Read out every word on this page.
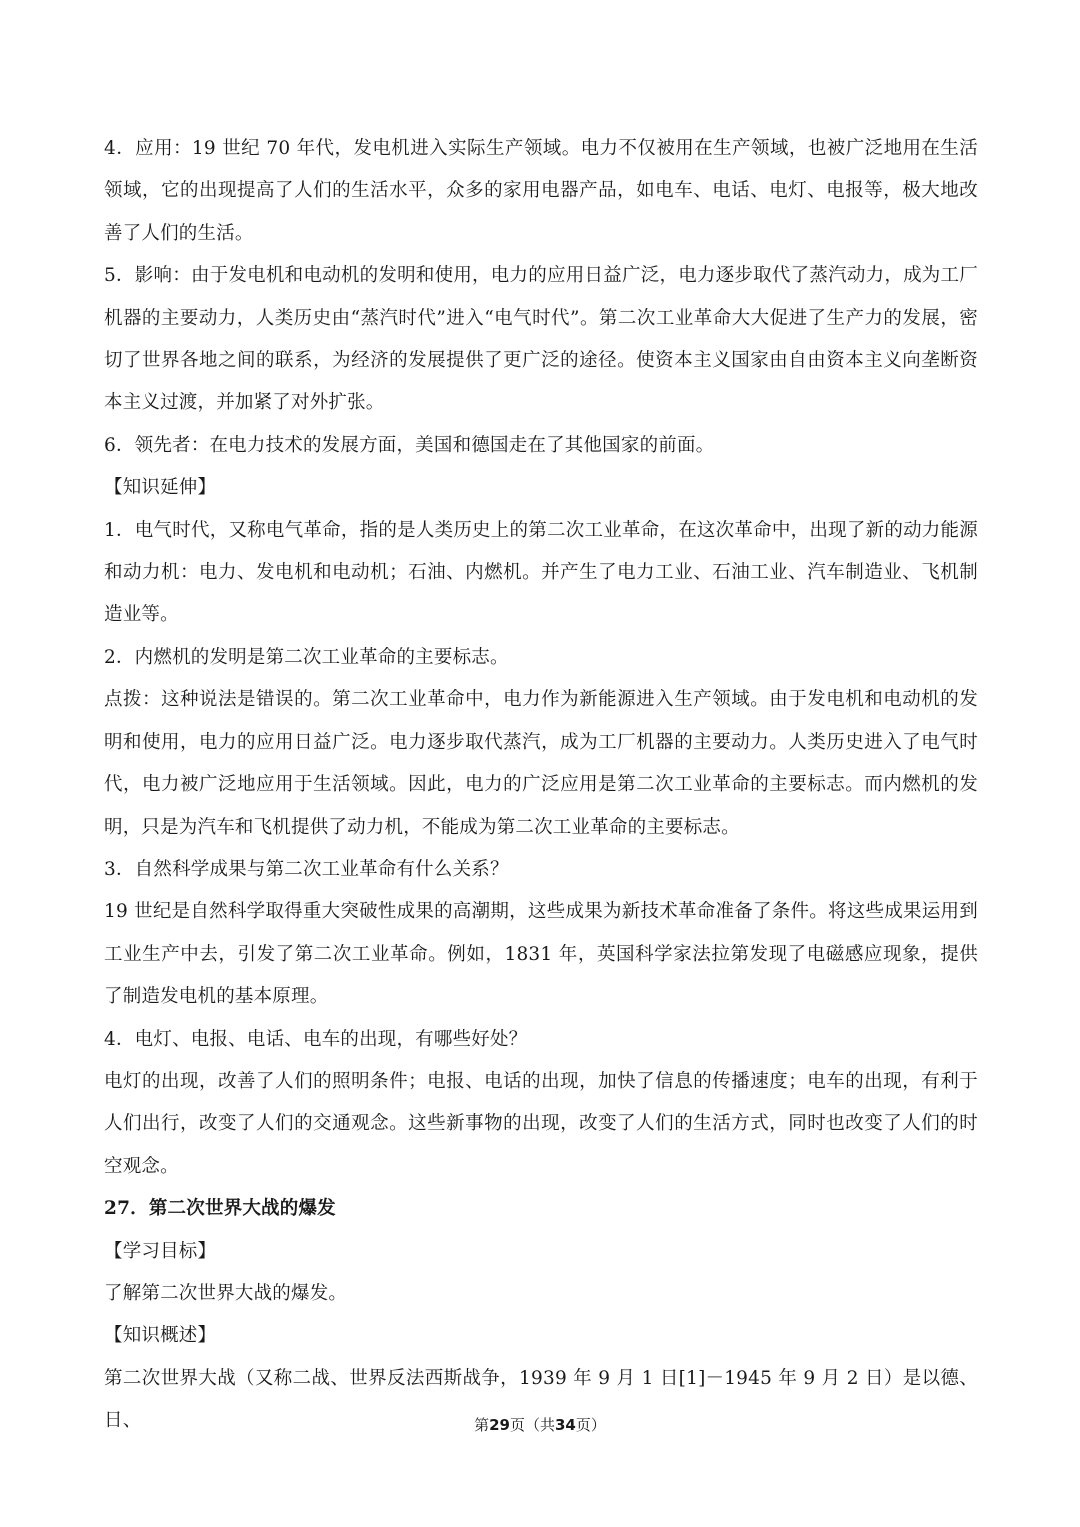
4．应用：19 世纪 70 年代，发电机进入实际生产领域。电力不仅被用在生产领域，也被广泛地用在生活领域，它的出现提高了人们的生活水平，众多的家用电器产品，如电车、电话、电灯、电报等，极大地改善了人们的生活。

5．影响：由于发电机和电动机的发明和使用，电力的应用日益广泛，电力逐步取代了蒸汽动力，成为工厂机器的主要动力，人类历史由“蒸汽时代”进入“电气时代”。第二次工业革命大大促进了生产力的发展，密切了世界各地之间的联系，为经济的发展提供了更广泛的途径。使资本主义国家由自由资本主义向垄断资本主义过渡，并加紧了对外扩张。

6．领先者：在电力技术的发展方面，美国和德国走在了其他国家的前面。

【知识延伸】

1．电气时代，又称电气革命，指的是人类历史上的第二次工业革命，在这次革命中，出现了新的动力能源和动力机：电力、发电机和电动机；石油、内燃机。并产生了电力工业、石油工业、汽车制造业、飞机制造业等。

2．内燃机的发明是第二次工业革命的主要标志。

点拨：这种说法是错误的。第二次工业革命中，电力作为新能源进入生产领域。由于发电机和电动机的发明和使用，电力的应用日益广泛。电力逐步取代蒸汽，成为工厂机器的主要动力。人类历史进入了电气时代，电力被广泛地应用于生活领域。因此，电力的广泛应用是第二次工业革命的主要标志。而内燃机的发明，只是为汽车和飞机提供了动力机，不能成为第二次工业革命的主要标志。

3．自然科学成果与第二次工业革命有什么关系？

19 世纪是自然科学取得重大突破性成果的高潮期，这些成果为新技术革命准备了条件。将这些成果运用到工业生产中去，引发了第二次工业革命。例如，1831 年，英国科学家法拉第发现了电磁感应现象，提供了制造发电机的基本原理。

4．电灯、电报、电话、电车的出现，有哪些好处？

电灯的出现，改善了人们的照明条件；电报、电话的出现，加快了信息的传播速度；电车的出现，有利于人们出行，改变了人们的交通观念。这些新事物的出现，改变了人们的生活方式，同时也改变了人们的时空观念。

27．第二次世界大战的爆发

【学习目标】

了解第二次世界大战的爆发。

【知识概述】

第二次世界大战（又称二战、世界反法西斯战争，1939 年 9 月 1 日[1]－1945 年 9 月 2 日）是以德、日、	第29页（共34页）
